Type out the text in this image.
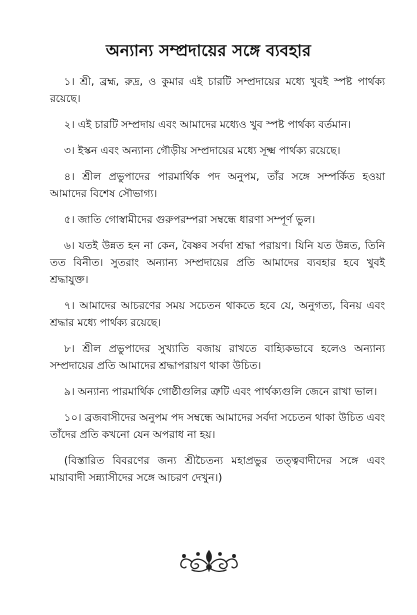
অন্যান্য সম্প্রদায়ের সঙ্গে ব্যবহার

১। শ্রী, ব্রহ্ম, রুদ্র, ও কুমার এই চারটি সম্প্রদায়ের মধ্যে খুবই স্পষ্ট পার্থক্য রয়েছে।

২। এই চারটি সম্প্রদায় এবং আমাদের মধ্যেও খুব স্পষ্ট পার্থক্য বর্তমান।

৩। ইস্কন এবং অন্যান্য গৌড়ীয় সম্প্রদায়ের মধ্যে সূক্ষ্ম পার্থক্য রয়েছে।

৪। শ্রীল প্রভুপাদের পারমার্থিক পদ অনুপম, তাঁর সঙ্গে সম্পর্কিত হওয়া আমাদের বিশেষ সৌভাগ্য।

৫। জাতি গোস্বামীদের গুরুপরম্পরা সম্বন্ধে ধারণা সম্পূর্ণ ভুল।

৬। যতই উন্নত হন না কেন, বৈষ্ণব সর্বদা শ্রদ্ধা পরায়ণ। যিনি যত উন্নত, তিনি তত বিনীত। সুতরাং অন্যান্য সম্প্রদায়ের প্রতি আমাদের ব্যবহার হবে খুবই শ্রদ্ধাযুক্ত।

৭। আমাদের আচরণের সময় সচেতন থাকতে হবে যে, অনুগত্য, বিনয় এবং শ্রদ্ধার মধ্যে পার্থক্য রয়েছে।

৮। শ্রীল প্রভুপাদের সুখ্যাতি বজায় রাখতে বাহ্যিকভাবে হলেও অন্যান্য সম্প্রদায়ের প্রতি আমাদের শ্রদ্ধাপরায়ণ থাকা উচিত।

৯। অন্যান্য পারমার্থিক গোষ্ঠীগুলির ত্রুটি এবং পার্থক্যগুলি জেনে রাখা ভাল।

১০। ব্রজবাসীদের অনুপম পদ সম্বন্ধে আমাদের সর্বদা সচেতন থাকা উচিত এবং তাঁদের প্রতি কখনো যেন অপরাধ না হয়।

(বিস্তারিত বিবরণের জন্য শ্রীচৈতন্য মহাপ্রভুর তত্ত্ববাদীদের সঙ্গে এবং মায়াবাদী সন্ন্যাসীদের সঙ্গে আচরণ দেখুন।)
